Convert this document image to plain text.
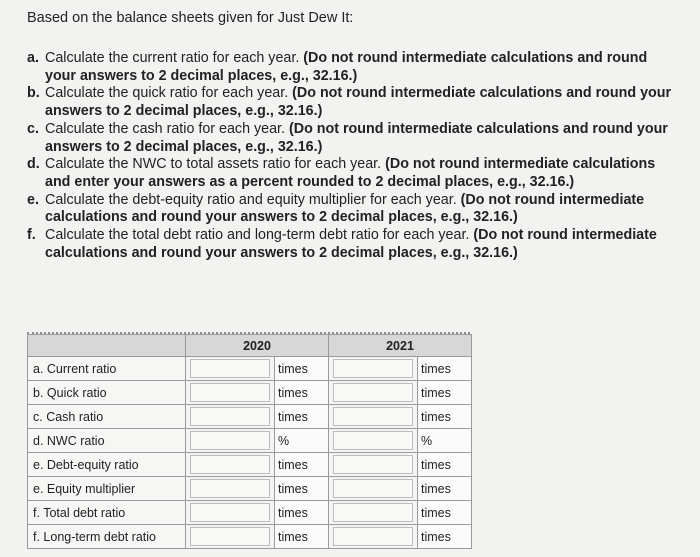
Based on the balance sheets given for Just Dew It:
a. Calculate the current ratio for each year. (Do not round intermediate calculations and round your answers to 2 decimal places, e.g., 32.16.)
b. Calculate the quick ratio for each year. (Do not round intermediate calculations and round your answers to 2 decimal places, e.g., 32.16.)
c. Calculate the cash ratio for each year. (Do not round intermediate calculations and round your answers to 2 decimal places, e.g., 32.16.)
d. Calculate the NWC to total assets ratio for each year. (Do not round intermediate calculations and enter your answers as a percent rounded to 2 decimal places, e.g., 32.16.)
e. Calculate the debt-equity ratio and equity multiplier for each year. (Do not round intermediate calculations and round your answers to 2 decimal places, e.g., 32.16.)
f. Calculate the total debt ratio and long-term debt ratio for each year. (Do not round intermediate calculations and round your answers to 2 decimal places, e.g., 32.16.)
	2020		2021	
a. Current ratio		times		times
b. Quick ratio		times		times
c. Cash ratio		times		times
d. NWC ratio		%		%
e. Debt-equity ratio		times		times
e. Equity multiplier		times		times
f. Total debt ratio		times		times
f. Long-term debt ratio		times		times
